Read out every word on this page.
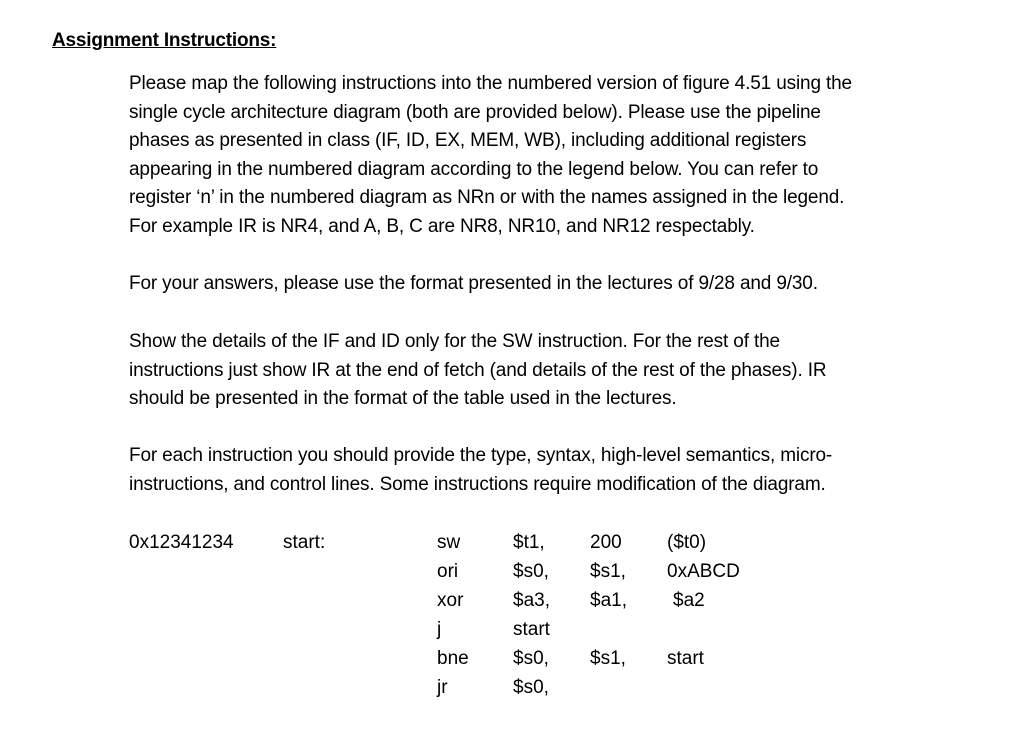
Assignment Instructions:
Please map the following instructions into the numbered version of figure 4.51 using the
single cycle architecture diagram (both are provided below). Please use the pipeline
phases as presented in class (IF, ID, EX, MEM, WB), including additional registers
appearing in the numbered diagram according to the legend below. You can refer to
register ‘n’ in the numbered diagram as NRn or with the names assigned in the legend.
For example IR is NR4, and A, B, C are NR8, NR10, and NR12 respectably.
For your answers, please use the format presented in the lectures of 9/28 and 9/30.
Show the details of the IF and ID only for the SW instruction. For the rest of the
instructions just show IR at the end of fetch (and details of the rest of the phases). IR
should be presented in the format of the table used in the lectures.
For each instruction you should provide the type, syntax, high-level semantics, micro-
instructions, and control lines. Some instructions require modification of the diagram.
0x12341234	start:	sw	$t1, 200 ($t0)
ori	$s0, $s1, 0xABCD
xor	$a3, $a1, $a2
j	start
bne $s0, $s1, start
jr	$s0,
